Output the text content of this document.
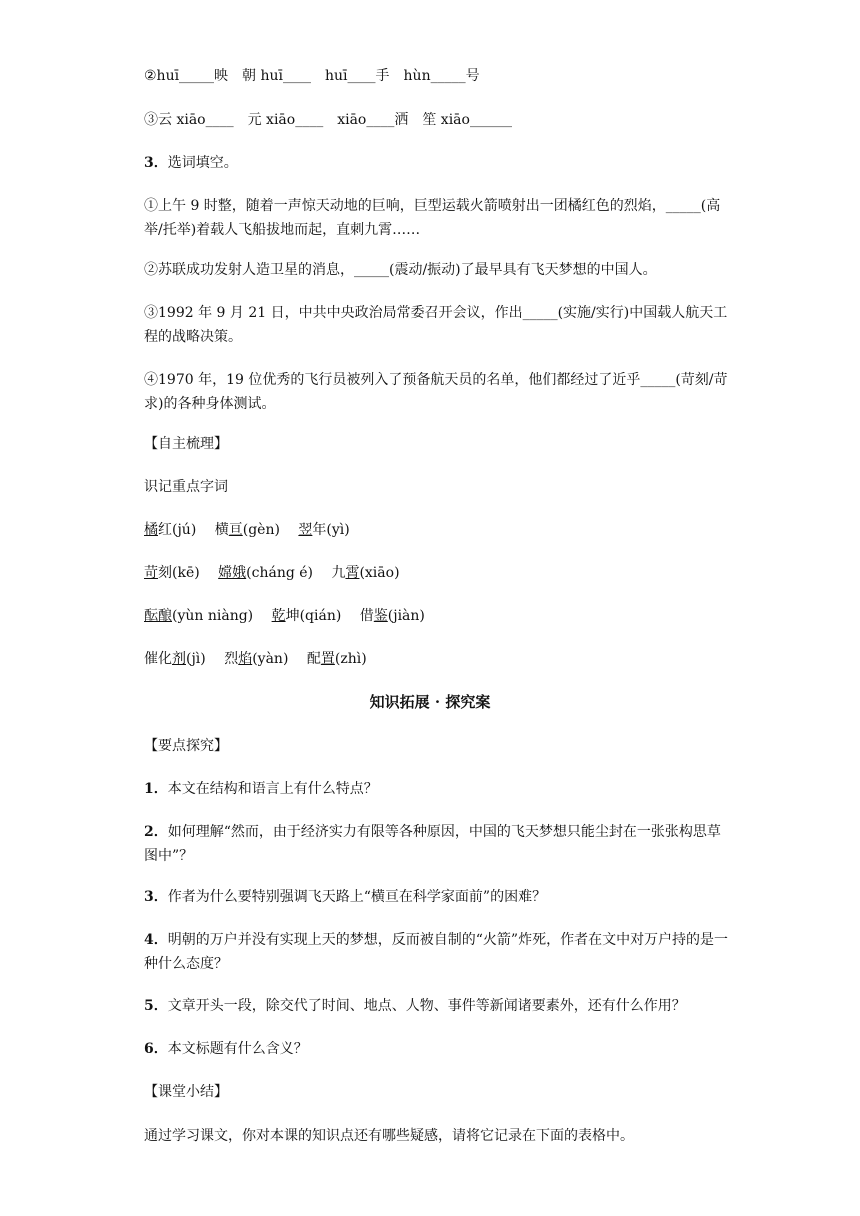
②huī_____映　朝 huī____　huī____手　hùn_____号
③云 xiāo____　元 xiāo____　xiāo____洒　笙 xiāo______
3．选词填空。
①上午 9 时整，随着一声惊天动地的巨响，巨型运载火箭喷射出一团橘红色的烈焰，_____(高举/托举)着载人飞船拔地而起，直刺九霄……
②苏联成功发射人造卫星的消息，_____(震动/振动)了最早具有飞天梦想的中国人。
③1992 年 9 月 21 日，中共中央政治局常委召开会议，作出_____(实施/实行)中国载人航天工程的战略决策。
④1970 年，19 位优秀的飞行员被列入了预备航天员的名单，他们都经过了近乎_____(苛刻/苛求)的各种身体测试。
【自主梳理】
识记重点字词
橘红(jú) 横亘(gèn) 翌年(yì)
苛刻(kē) 嫦娥(cháng é) 九霄(xiāo)
酝酿(yùn niàng) 乾坤(qián) 借鉴(jiàn)
催化剂(jì) 烈焰(yàn) 配置(zhì)
知识拓展 · 探究案
【要点探究】
1．本文在结构和语言上有什么特点？
2．如何理解“然而，由于经济实力有限等各种原因，中国的飞天梦想只能尘封在一张张构思草图中”？
3．作者为什么要特别强调飞天路上“横亘在科学家面前”的困难？
4．明朝的万户并没有实现上天的梦想，反而被自制的“火箭”炸死，作者在文中对万户持的是一种什么态度？
5．文章开头一段，除交代了时间、地点、人物、事件等新闻诸要素外，还有什么作用？
6．本文标题有什么含义？
【课堂小结】
通过学习课文，你对本课的知识点还有哪些疑感，请将它记录在下面的表格中。
